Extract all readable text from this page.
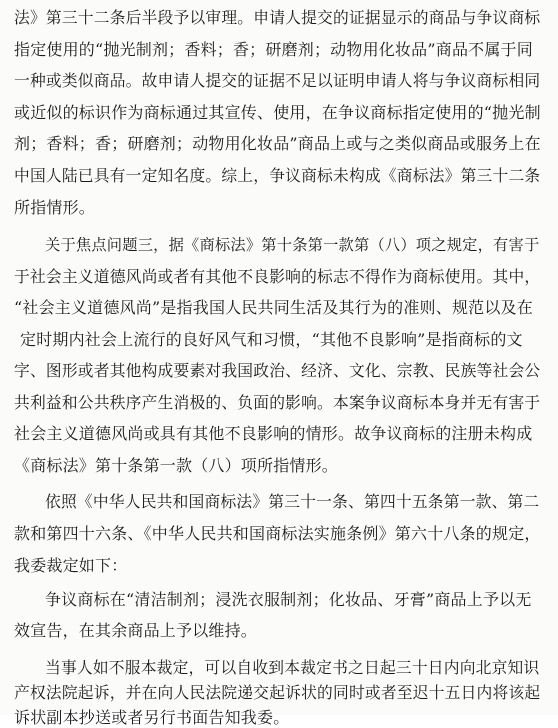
法》第三十二条后半段予以审理。申请人提交的证据显示的商品与争议商标

指定使用的“抛光制剂；香料；香；研磨剂；动物用化妆品”商品不属于同

一种或类似商品。故申请人提交的证据不足以证明申请人将与争议商标相同

或近似的标识作为商标通过其宣传、使用，在争议商标指定使用的“抛光制

剂；香料；香；研磨剂；动物用化妆品”商品上或与之类似商品或服务上在

中国人陆已具有一定知名度。综上，争议商标未构成《商标法》第三十二条

所指情形。

关于焦点问题三，据《商标法》第十条第一款第（八）项之规定，有害于

于社会主义道德风尚或者有其他不良影响的标志不得作为商标使用。其中，

“社会主义道德风尚”是指我国人民共同生活及其行为的准则、规范以及在

定时期内社会上流行的良好风气和习惯，“其他不良影响”是指商标的文

字、图形或者其他构成要素对我国政治、经济、文化、宗教、民族等社会公

共利益和公共秩序产生消极的、负面的影响。本案争议商标本身并无有害于

社会主义道德风尚或具有其他不良影响的情形。故争议商标的注册未构成

《商标法》第十条第一款（八）项所指情形。

依照《中华人民共和国商标法》第三十一条、第四十五条第一款、第二

款和第四十六条、《中华人民共和国商标法实施条例》第六十八条的规定，

我委裁定如下：

争议商标在“清洁制剂；浸洗衣服制剂；化妆品、牙膏”商品上予以无

效宣告，在其余商品上予以维持。

当事人如不服本裁定，可以自收到本裁定书之日起三十日内向北京知识

产权法院起诉，并在向人民法院递交起诉状的同时或者至迟十五日内将该起

诉状副本抄送或者另行书面告知我委。
